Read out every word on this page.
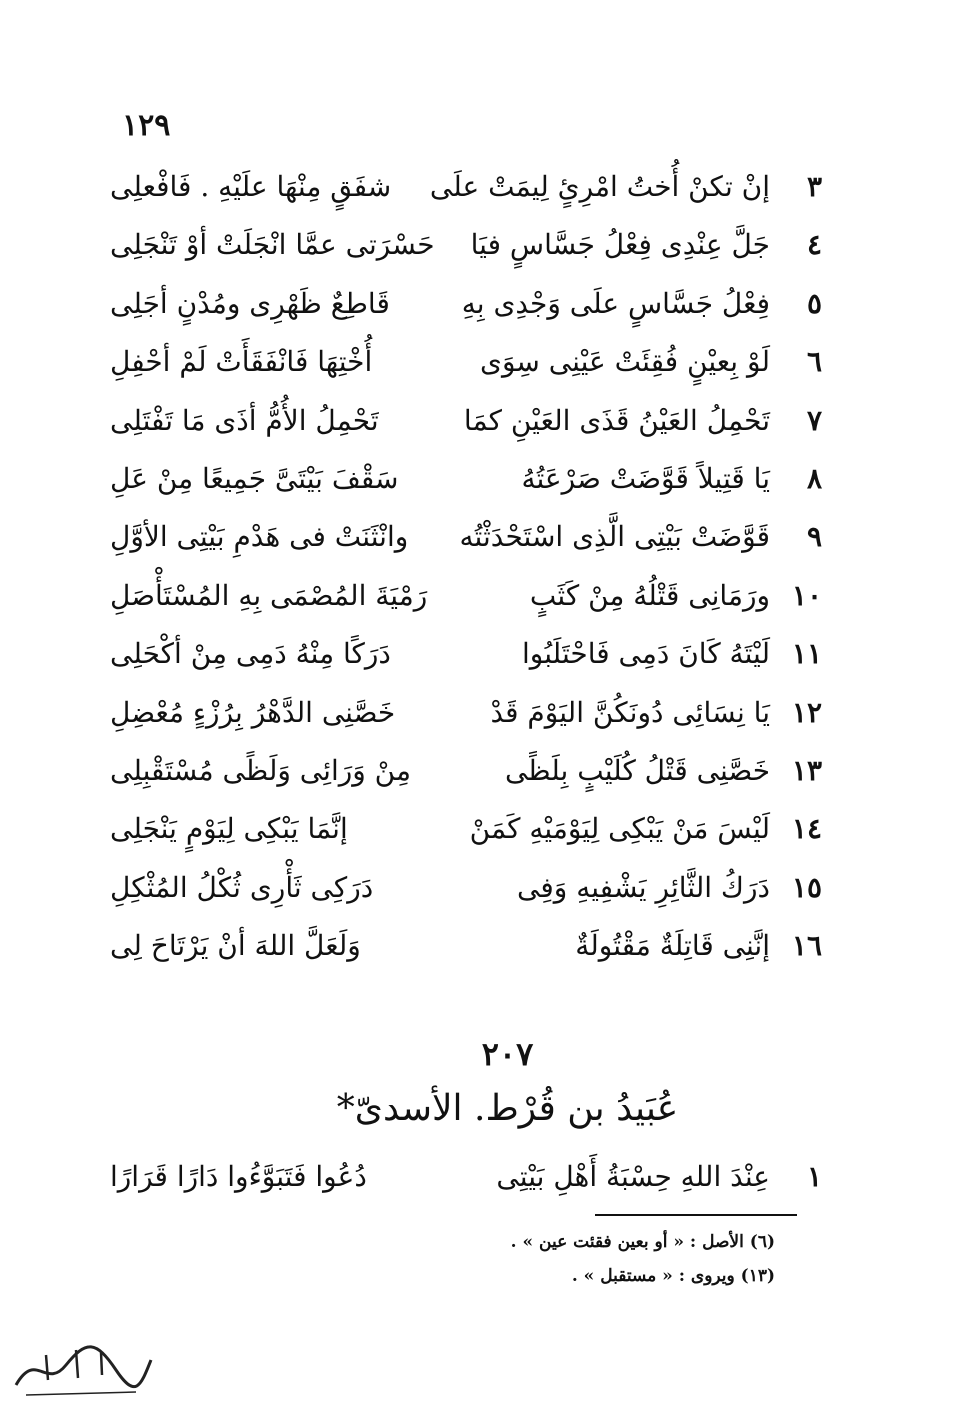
١٢٩
٣
إنْ تكنْ أُختُ امْرِئٍ لِيمَتْ علَى
شفَقٍ مِنْهَا علَيْهِ . فَافْعلِى
٤
جَلَّ عِنْدِى فِعْلُ جَسَّاسٍ فيَا
حَسْرَتى عمَّا انْجَلَتْ أوْ تَنْجَلِى
٥
فِعْلُ جَسَّاسٍ علَى وَجْدِى بِهِ
قَاطِعٌ ظَهْرِى ومُدْنٍ أجَلِى
٦
لَوْ بِعيْنٍ فُقِئَتْ عَيْنِى سِوَى
أُخْتِهَا فَانْفَقَأَتْ لَمْ أحْفِلِ
٧
تَحْمِلُ العَيْنُ قَذَى العَيْنِ كمَا
تَحْمِلُ الأُمُّ أذَى مَا تَفْتَلِى
٨
يَا قَتِيلاً قَوَّضَتْ صَرْعَتُهُ
سَقْفَ بَيْتَىَّ جَمِيعًا مِنْ عَلِ
٩
قَوَّضَتْ بَيْتِى الَّذِى اسْتَحْدَثْتُه
وانْثَنَتْ فى هَدْمِ بَيْتِى الأوَّلِ
١٠
ورَمَانِى قَتْلُهُ مِنْ كَثَبٍ
رَمْيَةَ المُصْمَى بِهِ المُسْتَأْصَلِ
١١
لَيْتَهُ كَانَ دَمِى فَاحْتَلَبُوا
دَرَكًا مِنْهُ دَمِى مِنْ أكْحَلِى
١٢
يَا نِسَائِى دُونَكُنَّ اليَوْمَ قَدْ
خَصَّنِى الدَّهْرُ بِرُزْءٍ مُعْضِلِ
١٣
خَصَّنِى قَتْلُ كُلَيْبٍ بِلَظًى
مِنْ وَرَائِى وَلَظًى مُسْتَقْبِلِى
١٤
لَيْسَ مَنْ يَبْكِى لِيَوْمَيْهِ كَمَنْ
إنَّمَا يَبْكِى لِيَوْمٍ يَنْجَلِى
١٥
دَرَكُ الثَّائِرِ يَشْفِيهِ وَفِى
دَرَكِى ثَأْرِى ثُكْلُ المُثْكِلِ
١٦
إنَّنِى قَاتِلَةٌ مَقْتُولَةٌ
وَلَعَلَّ اللهَ أنْ يَرْتَاحَ لِى
٢٠٧
عُبَيدُ بن قُرْط. الأسدىّ*
١
عِنْدَ اللهِ حِسْبَةُ أَهْلِ بَيْتِى
دُعُوا فَتَبَوَّءُوا دَارًا قَرَارًا
(٦) الأصل : « أو بعين فقئت عين » .
(١٣) ويروى : « مستقبل » .
